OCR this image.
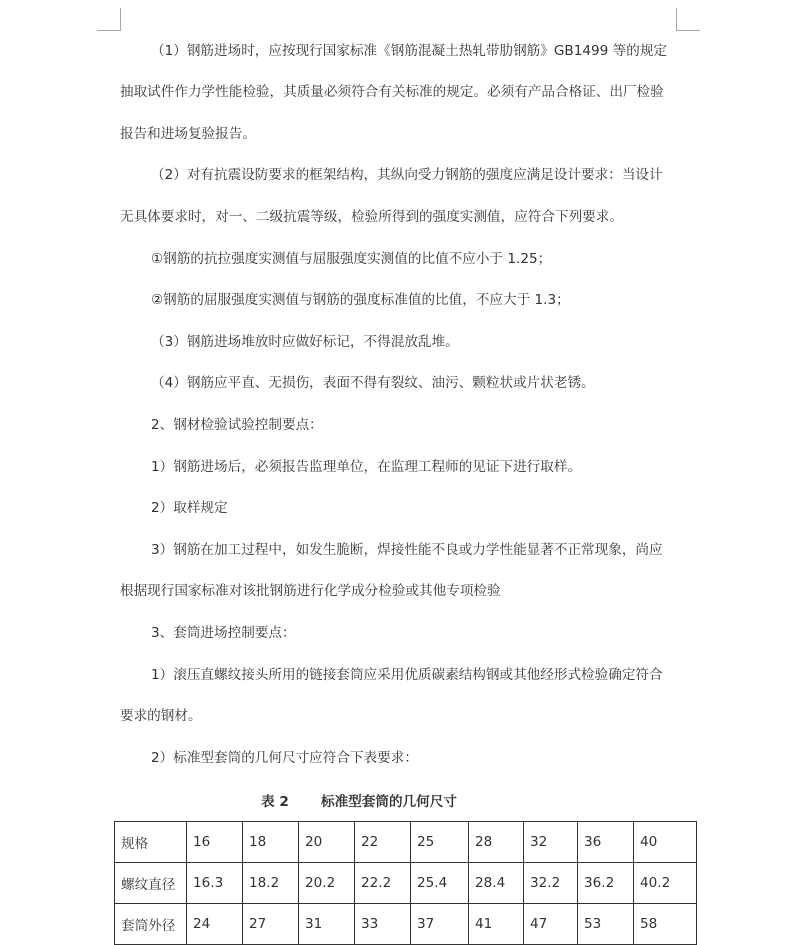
（1）钢筋进场时，应按现行国家标准《钢筋混凝土热轧带肋钢筋》GB1499 等的规定
抽取试件作力学性能检验，其质量必须符合有关标准的规定。必须有产品合格证、出厂检验
报告和进场复验报告。
（2）对有抗震设防要求的框架结构，其纵向受力钢筋的强度应满足设计要求：当设计
无具体要求时，对一、二级抗震等级，检验所得到的强度实测值，应符合下列要求。
①钢筋的抗拉强度实测值与屈服强度实测值的比值不应小于 1.25；
②钢筋的屈服强度实测值与钢筋的强度标准值的比值，不应大于 1.3；
（3）钢筋进场堆放时应做好标记，不得混放乱堆。
（4）钢筋应平直、无损伤，表面不得有裂纹、油污、颗粒状或片状老锈。
2、钢材检验试验控制要点：
1）钢筋进场后，必须报告监理单位，在监理工程师的见证下进行取样。
2）取样规定
3）钢筋在加工过程中，如发生脆断，焊接性能不良或力学性能显著不正常现象，尚应
根据现行国家标准对该批钢筋进行化学成分检验或其他专项检验
3、套筒进场控制要点：
1）滚压直螺纹接头所用的链接套筒应采用优质碳素结构钢或其他经形式检验确定符合
要求的钢材。
2）标准型套筒的几何尺寸应符合下表要求：
表 2 标准型套筒的几何尺寸
规格	16	18	20	22	25	28	32	36	40
螺纹直径	16.3	18.2	20.2	22.2	25.4	28.4	32.2	36.2	40.2
套筒外径	24	27	31	33	37	41	47	53	58
